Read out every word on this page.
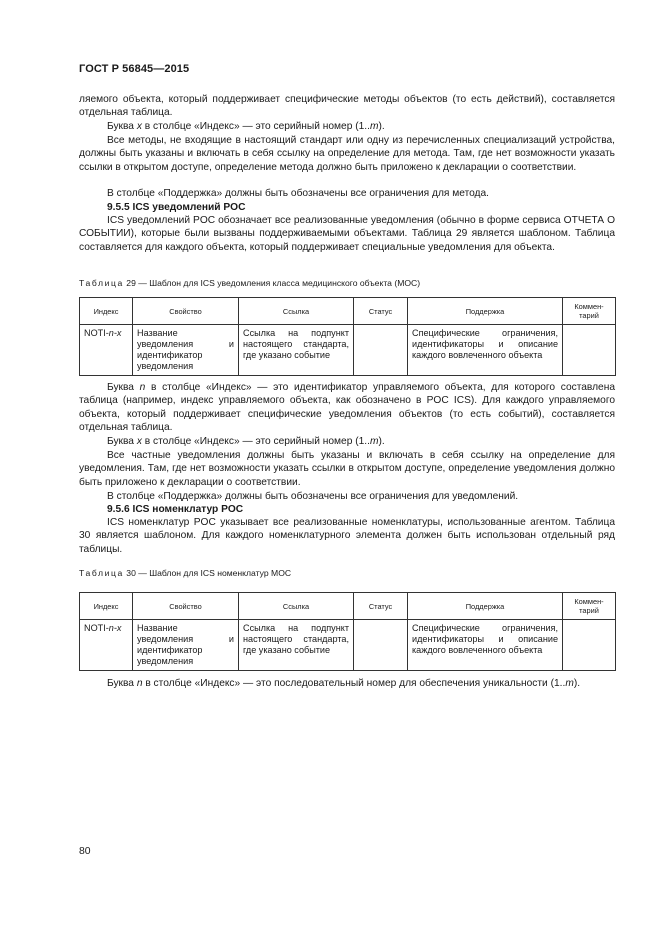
ГОСТ Р 56845—2015
ляемого объекта, который поддерживает специфические методы объектов (то есть действий), составляется отдельная таблица.
Буква x в столбце «Индекс» — это серийный номер (1..m).
Все методы, не входящие в настоящий стандарт или одну из перечисленных специализаций устройства, должны быть указаны и включать в себя ссылку на определение для метода. Там, где нет возможности указать ссылки в открытом доступе, определение метода должно быть приложено к декларации о соответствии.
В столбце «Поддержка» должны быть обозначены все ограничения для метода.
9.5.5 ICS уведомлений POC
ICS уведомлений POC обозначает все реализованные уведомления (обычно в форме сервиса ОТЧЕТА О СОБЫТИИ), которые были вызваны поддерживаемыми объектами. Таблица 29 является шаблоном. Таблица составляется для каждого объекта, который поддерживает специальные уведомления для объекта.
Таблица 29 — Шаблон для ICS уведомления класса медицинского объекта (МОС)
Индекс	Свойство	Ссылка	Статус	Поддержка	Коммен-тарий
NOTI-n-x	Название уведомления и идентификатор уведомления	Ссылка на подпункт настоящего стандарта, где указано событие		Специфические ограничения, идентификаторы и описание каждого вовлеченного объекта	
Буква n в столбце «Индекс» — это идентификатор управляемого объекта, для которого составлена таблица (например, индекс управляемого объекта, как обозначено в POC ICS). Для каждого управляемого объекта, который поддерживает специфические уведомления объектов (то есть событий), составляется отдельная таблица.
Буква x в столбце «Индекс» — это серийный номер (1..m).
Все частные уведомления должны быть указаны и включать в себя ссылку на определение для уведомления. Там, где нет возможности указать ссылки в открытом доступе, определение уведомления должно быть приложено к декларации о соответствии.
В столбце «Поддержка» должны быть обозначены все ограничения для уведомлений.
9.5.6 ICS номенклатур POC
ICS номенклатур POC указывает все реализованные номенклатуры, использованные агентом. Таблица 30 является шаблоном. Для каждого номенклатурного элемента должен быть использован отдельный ряд таблицы.
Таблица 30 — Шаблон для ICS номенклатур МОС
Индекс	Свойство	Ссылка	Статус	Поддержка	Коммен-тарий
NOTI-n-x	Название уведомления и идентификатор уведомления	Ссылка на подпункт настоящего стандарта, где указано событие		Специфические ограничения, идентификаторы и описание каждого вовлеченного объекта	
Буква n в столбце «Индекс» — это последовательный номер для обеспечения уникальности (1..m).
80
